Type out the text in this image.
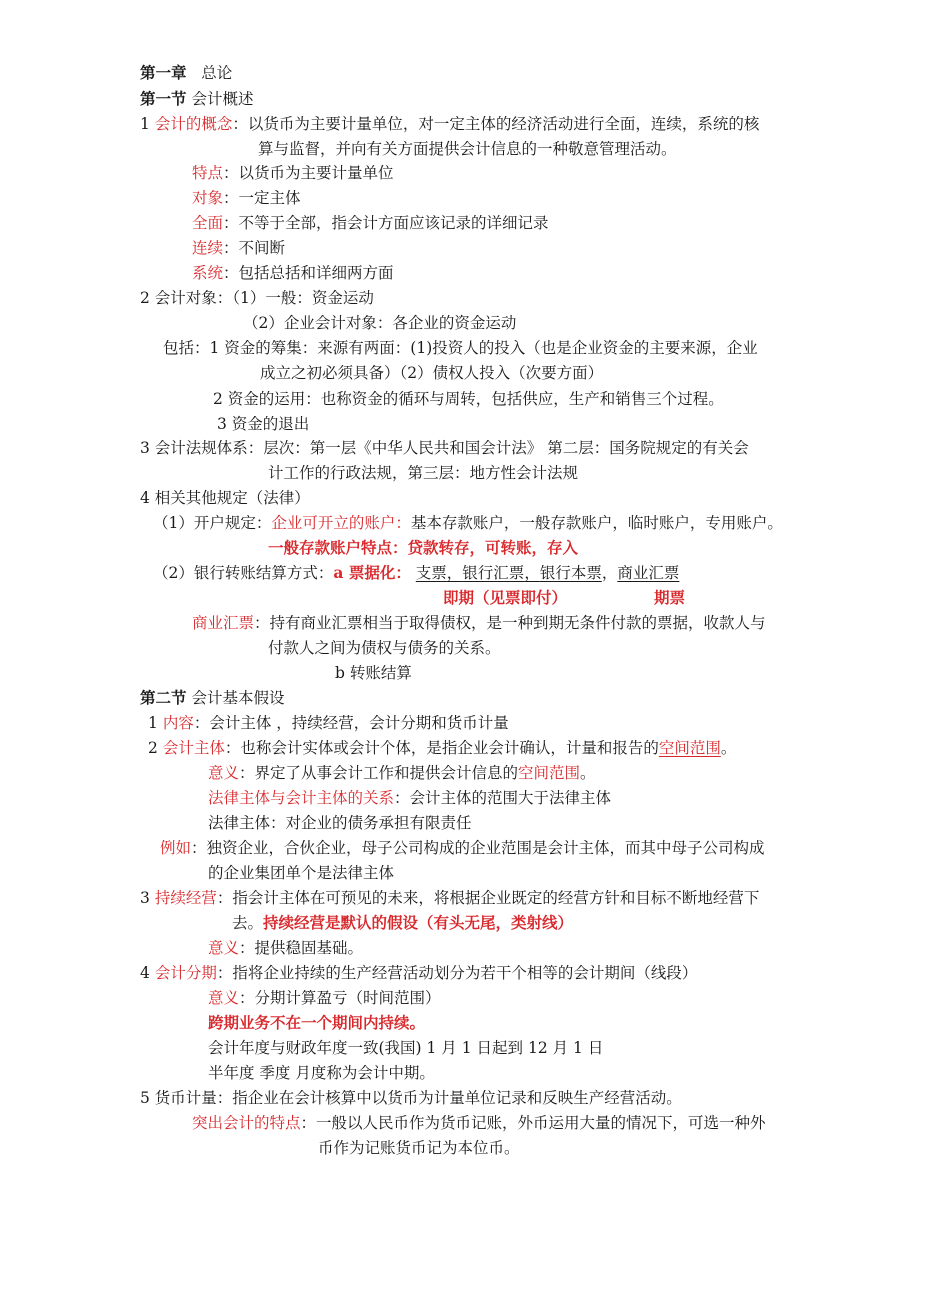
第一章 总论
第一节 会计概述
1 会计的概念：以货币为主要计量单位，对一定主体的经济活动进行全面，连续，系统的核
算与监督，并向有关方面提供会计信息的一种敬意管理活动。
特点：以货币为主要计量单位
对象：一定主体
全面：不等于全部，指会计方面应该记录的详细记录
连续：不间断
系统：包括总括和详细两方面
2 会计对象：（1）一般：资金运动
（2）企业会计对象：各企业的资金运动
包括：1 资金的筹集：来源有两面：(1)投资人的投入（也是企业资金的主要来源，企业
成立之初必须具备）（2）债权人投入（次要方面）
2 资金的运用：也称资金的循环与周转，包括供应，生产和销售三个过程。
3 资金的退出
3 会计法规体系：层次：第一层《中华人民共和国会计法》 第二层：国务院规定的有关会
计工作的行政法规，第三层：地方性会计法规
4 相关其他规定（法律）
（1）开户规定：企业可开立的账户：基本存款账户，一般存款账户，临时账户，专用账户。
一般存款账户特点：贷款转存，可转账，存入
（2）银行转账结算方式：a 票据化： 支票，银行汇票，银行本票，商业汇票
即期（见票即付）	期票
商业汇票：持有商业汇票相当于取得债权，是一种到期无条件付款的票据，收款人与
付款人之间为债权与债务的关系。
b 转账结算
第二节 会计基本假设
1 内容：会计主体 ，持续经营，会计分期和货币计量
2 会计主体：也称会计实体或会计个体，是指企业会计确认，计量和报告的空间范围。
意义：界定了从事会计工作和提供会计信息的空间范围。
法律主体与会计主体的关系：会计主体的范围大于法律主体
法律主体：对企业的债务承担有限责任
例如：独资企业，合伙企业，母子公司构成的企业范围是会计主体，而其中母子公司构成
的企业集团单个是法律主体
3 持续经营：指会计主体在可预见的未来，将根据企业既定的经营方针和目标不断地经营下
去。持续经营是默认的假设（有头无尾，类射线）
意义：提供稳固基础。
4 会计分期：指将企业持续的生产经营活动划分为若干个相等的会计期间（线段）
意义：分期计算盈亏（时间范围）
跨期业务不在一个期间内持续。
会计年度与财政年度一致(我国) 1 月 1 日起到 12 月 1 日
半年度 季度 月度称为会计中期。
5 货币计量：指企业在会计核算中以货币为计量单位记录和反映生产经营活动。
突出会计的特点：一般以人民币作为货币记账，外币运用大量的情况下，可选一种外
币作为记账货币记为本位币。
